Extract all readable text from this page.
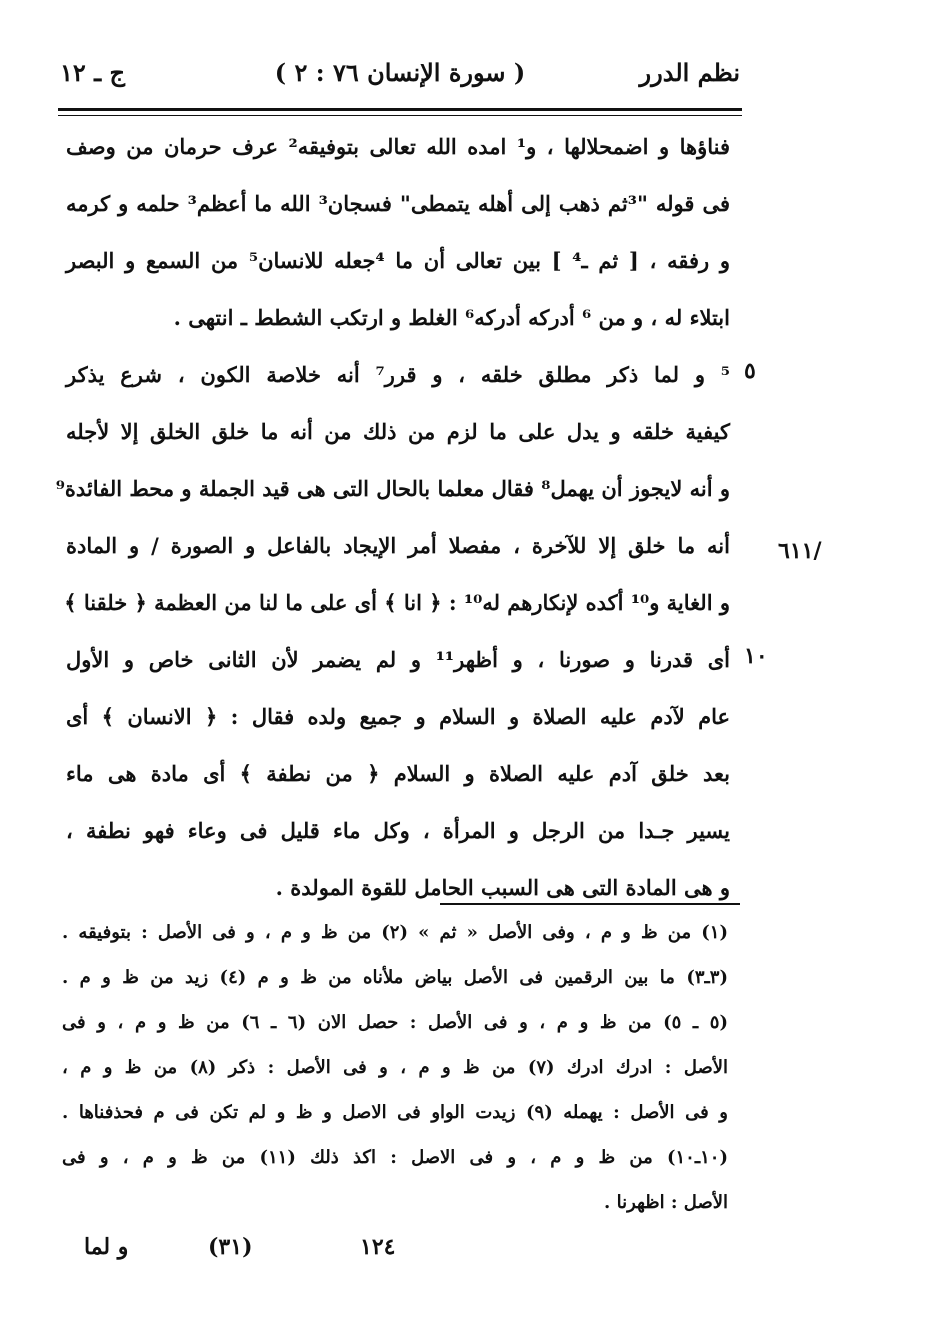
نظم الدرر
( سورة الإنسان ٧٦ : ٢ )
ج ـ ١٢
فناؤها و اضمحلالها ، و¹ امده الله تعالى بتوفيقه² عرف حرمان من وصف
فى قوله "³ثم ذهب إلى أهله يتمطى" فسجان³ الله ما أعظم³ حلمه و كرمه
و رفقه ، [ ثم ـ⁴ ] بين تعالى أن ما ⁴جعله للانسان⁵ من السمع و البصر
ابتلاء له ، و من ⁶ أدركه أدركه⁶ الغلط و ارتكب الشطط ـ انتهى .
⁵ و لما ذكر مطلق خلقه ، و قرر⁷ أنه خلاصة الكون ، شرع يذكر
كيفية خلقه و يدل على ما لزم من ذلك من أنه ما خلق الخلق إلا لأجله
و أنه لايجوز أن يهمل⁸ فقال معلما بالحال التى هى قيد الجملة و محط الفائدة⁹
أنه ما خلق إلا للآخرة ، مفصلا أمر الإيجاد بالفاعل و الصورة / و المادة
و الغاية و¹⁰ أكده لإنكارهم له¹⁰ : ﴿ انا ﴾ أى على ما لنا من العظمة ﴿ خلقنا ﴾
أى قدرنا و صورنا ، و أظهر¹¹ و لم يضمر لأن الثانى خاص و الأول
عام لآدم عليه الصلاة و السلام و جميع ولده فقال : ﴿ الانسان ﴾ أى
بعد خلق آدم عليه الصلاة و السلام ﴿ من نطفة ﴾ أى مادة هى ماء
يسير جـدا من الرجل و المرأة ، وكل ماء قليل فى وعاء فهو نطفة ،
و هى المادة التى هى السبب الحامل للقوة المولدة .
٥
١٠
/٦١١
(١) من ظ و م ، وفى الأصل « ثم » (٢) من ظ و م ، و فى الأصل : بتوفيقه .
(٣ـ٣) ما بين الرقمين فى الأصل بياض ملأناه من ظ و م (٤) زيد من ظ و م .
(٥ ـ ٥) من ظ و م ، و فى الأصل : حصل الان (٦ ـ ٦) من ظ و م ، و فى
الأصل : ادرك ادرك (٧) من ظ و م ، و فى الأصل : ذكر (٨) من ظ و م ،
و فى الأصل : يهمله (٩) زيدت الواو فى الاصل و ظ و لم تكن فى م فحذفناها .
(١٠ـ١٠) من ظ و م ، و فى الاصل : اكذ ذلك (١١) من ظ و م ، و فى
الأصل : اظهرنا .
١٢٤
(٣١)
و لما
